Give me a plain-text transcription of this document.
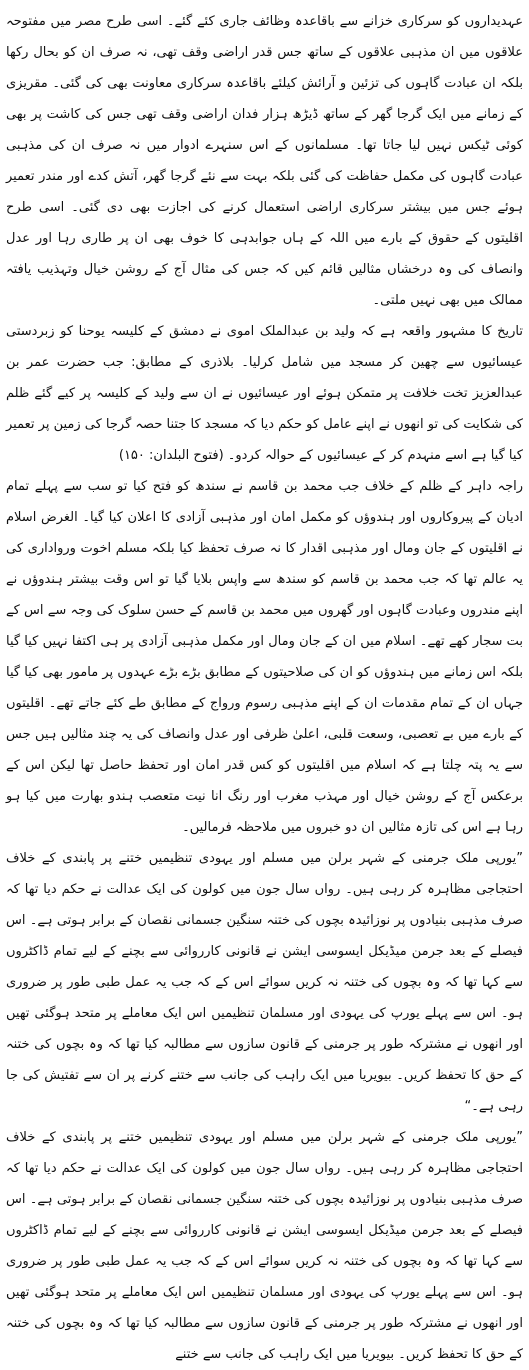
عہدیداروں کو سرکاری خزانے سے باقاعدہ وظائف جاری کئے گئے۔ اسی طرح مصر میں مفتوحہ علاقوں میں ان مذہبی علاقوں کے ساتھ جس قدر اراضی وقف تھی، نہ صرف ان کو بحال رکھا بلکہ ان عبادت گاہوں کی تزئین و آرائش کیلئے باقاعدہ سرکاری معاونت بھی کی گئی۔ مقریزی کے زمانے میں ایک گرجا گھر کے ساتھ ڈیڑھ ہزار فدان اراضی وقف تھی جس کی کاشت پر بھی کوئی ٹیکس نہیں لیا جاتا تھا۔ مسلمانوں کے اس سنہرے ادوار میں نہ صرف ان کی مذہبی عبادت گاہوں کی مکمل حفاظت کی گئی بلکہ بہت سے نئے گرجا گھر، آتش کدے اور مندر تعمیر ہوئے جس میں بیشتر سرکاری اراضی استعمال کرنے کی اجازت بھی دی گئی۔ اسی طرح اقلیتوں کے حقوق کے بارے میں اللہ کے ہاں جوابدہی کا خوف بھی ان پر طاری رہا اور عدل وانصاف کی وہ درخشاں مثالیں قائم کیں کہ جس کی مثال آج کے روشن خیال وتہذیب یافتہ ممالک میں بھی نہیں ملتی۔

تاریخ کا مشہور واقعہ ہے کہ ولید بن عبدالملک اموی نے دمشق کے کلیسہ یوحنا کو زبردستی عیسائیوں سے چھین کر مسجد میں شامل کرلیا۔ بلاذری کے مطابق: جب حضرت عمر بن عبدالعزیز تخت خلافت پر متمکن ہوئے اور عیسائیوں نے ان سے ولید کے کلیسہ پر کیے گئے ظلم کی شکایت کی تو انھوں نے اپنے عامل کو حکم دیا کہ مسجد کا جتنا حصہ گرجا کی زمین پر تعمیر کیا گیا ہے اسے منہدم کر کے عیسائیوں کے حوالہ کردو۔ (فتوح البلدان: ۱۵۰)

راجہ داہر کے ظلم کے خلاف جب محمد بن قاسم نے سندھ کو فتح کیا تو سب سے پہلے تمام ادیان کے پیروکاروں اور ہندوؤں کو مکمل امان اور مذہبی آزادی کا اعلان کیا گیا۔ الغرض اسلام نے اقلیتوں کے جان ومال اور مذہبی اقدار کا نہ صرف تحفظ کیا بلکہ مسلم اخوت ورواداری کی یہ عالم تھا کہ جب محمد بن قاسم کو سندھ سے واپس بلایا گیا تو اس وقت بیشتر ہندوؤں نے اپنے مندروں وعبادت گاہوں اور گھروں میں محمد بن قاسم کے حسن سلوک کی وجہ سے اس کے بت سجار کھے تھے۔ اسلام میں ان کے جان ومال اور مکمل مذہبی آزادی پر ہی اکتفا نہیں کیا گیا بلکہ اس زمانے میں ہندوؤں کو ان کی صلاحیتوں کے مطابق بڑے بڑے عہدوں پر مامور بھی کیا گیا جہاں ان کے تمام مقدمات ان کے اپنے مذہبی رسوم ورواج کے مطابق طے کئے جاتے تھے۔ اقلیتوں کے بارے میں بے تعصبی، وسعت قلبی، اعلیٰ ظرفی اور عدل وانصاف کی یہ چند مثالیں ہیں جس سے یہ پتہ چلتا ہے کہ اسلام میں اقلیتوں کو کس قدر امان اور تحفظ حاصل تھا لیکن اس کے برعکس آج کے روشن خیال اور مہذب مغرب اور رنگ انا نیت متعصب ہندو بھارت میں کیا ہو رہا ہے اس کی تازہ مثالیں ان دو خبروں میں ملاحظہ فرمالیں۔

”یورپی ملک جرمنی کے شہر برلن میں مسلم اور یہودی تنظیمیں ختنے پر پابندی کے خلاف احتجاجی مظاہرہ کر رہی ہیں۔ رواں سال جون میں کولون کی ایک عدالت نے حکم دیا تھا کہ صرف مذہبی بنیادوں پر نوزائیدہ بچوں کی ختنہ سنگین جسمانی نقصان کے برابر ہوتی ہے۔ اس فیصلے کے بعد جرمن میڈیکل ایسوسی ایشن نے قانونی کارروائی سے بچنے کے لیے تمام ڈاکٹروں سے کہا تھا کہ وہ بچوں کی ختنہ نہ کریں سوائے اس کے کہ جب یہ عمل طبی طور پر ضروری ہو۔ اس سے پہلے یورپ کی یہودی اور مسلمان تنظیمیں اس ایک معاملے پر متحد ہوگئی تھیں اور انھوں نے مشترکہ طور پر جرمنی کے قانون سازوں سے مطالبہ کیا تھا کہ وہ بچوں کی ختنہ کے حق کا تحفظ کریں۔ بیویریا میں ایک راہب کی جانب سے ختنے کرنے پر ان سے تفتیش کی جا رہی ہے۔“

”یورپی ملک جرمنی کے شہر برلن میں مسلم اور یہودی تنظیمیں ختنے پر پابندی کے خلاف احتجاجی مظاہرہ کر رہی ہیں۔ رواں سال جون میں کولون کی ایک عدالت نے حکم دیا تھا کہ صرف مذہبی بنیادوں پر نوزائیدہ بچوں کی ختنہ سنگین جسمانی نقصان کے برابر ہوتی ہے۔ اس فیصلے کے بعد جرمن میڈیکل ایسوسی ایشن نے قانونی کارروائی سے بچنے کے لیے تمام ڈاکٹروں سے کہا تھا کہ وہ بچوں کی ختنہ نہ کریں سوائے اس کے کہ جب یہ عمل طبی طور پر ضروری ہو۔ اس سے پہلے یورپ کی یہودی اور مسلمان تنظیمیں اس ایک معاملے پر متحد ہوگئی تھیں اور انھوں نے مشترکہ طور پر جرمنی کے قانون سازوں سے مطالبہ کیا تھا کہ وہ بچوں کی ختنہ کے حق کا تحفظ کریں۔ بیویریا میں ایک راہب کی جانب سے ختنے
